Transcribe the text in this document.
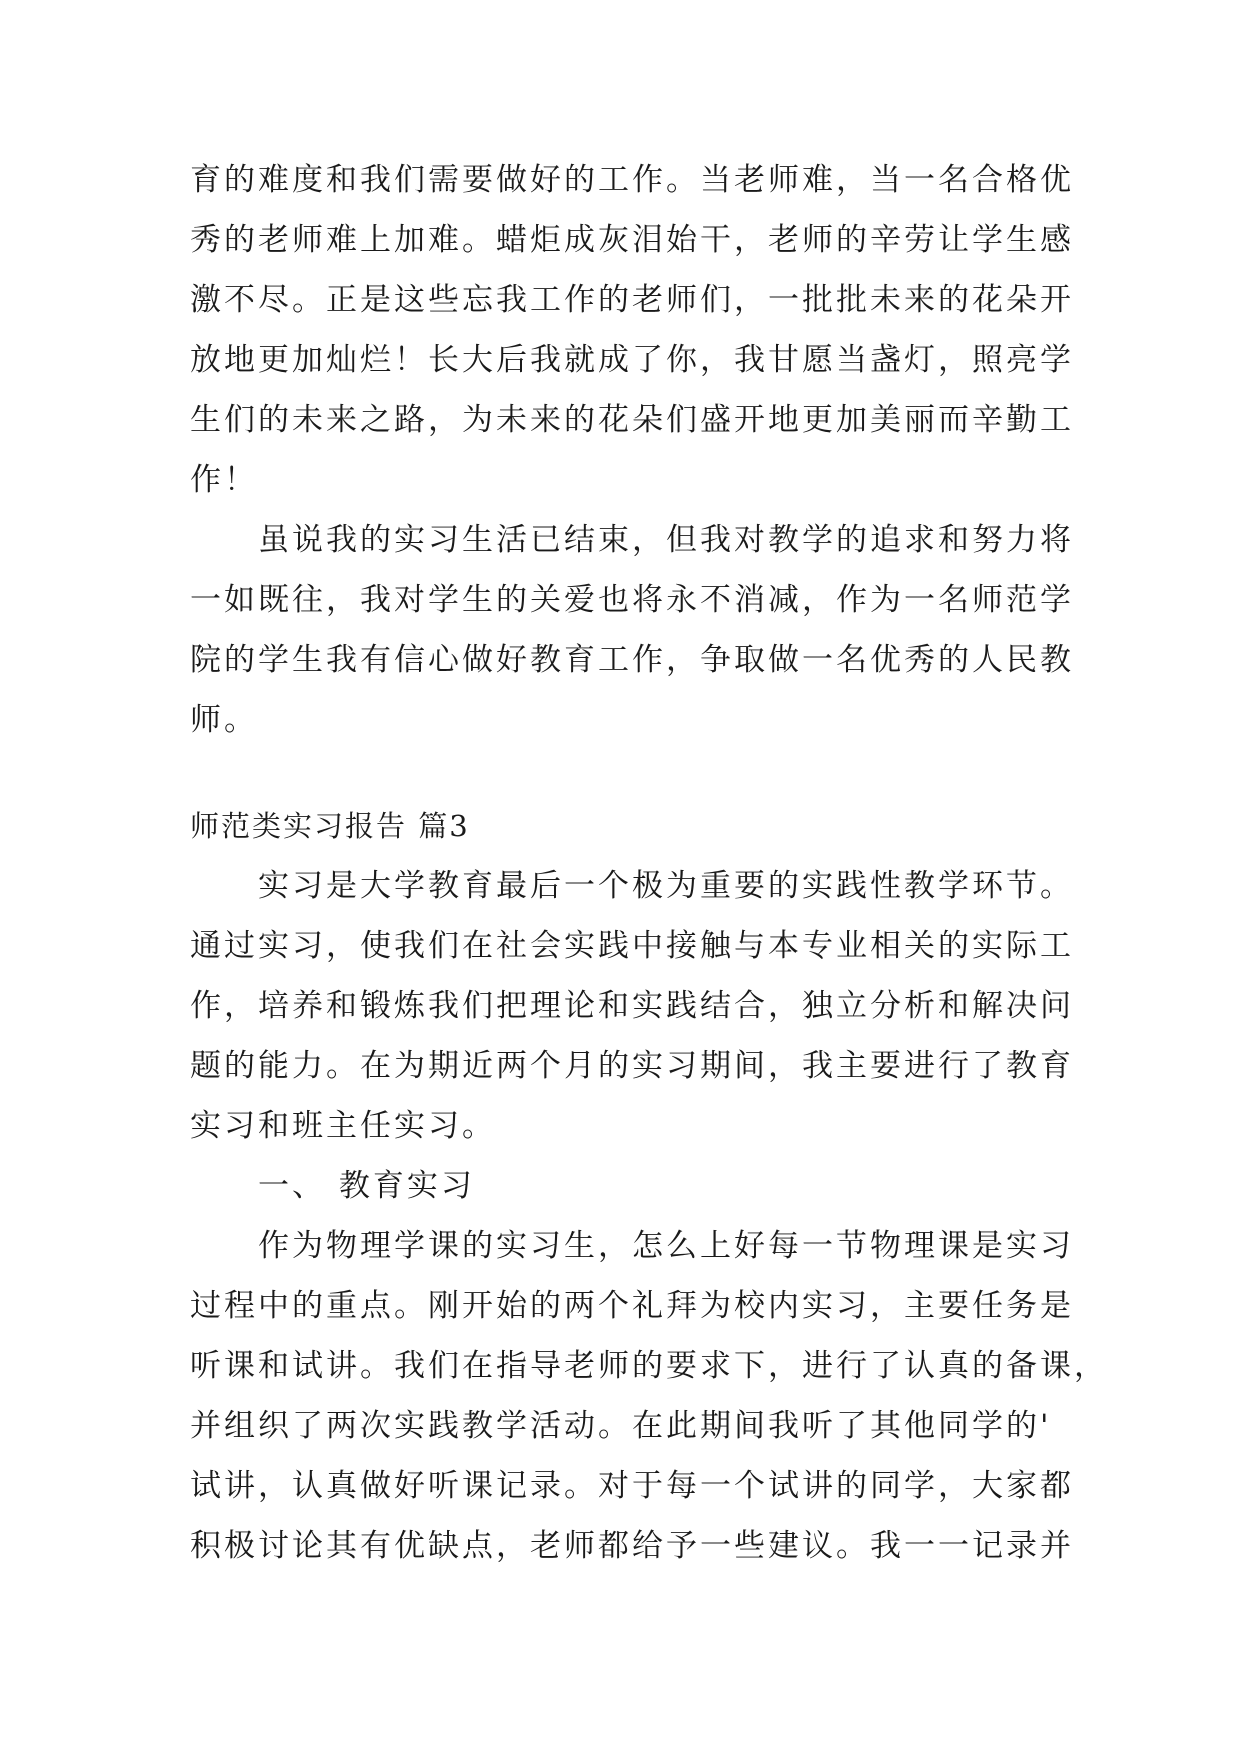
育的难度和我们需要做好的工作。当老师难，当一名合格优
秀的老师难上加难。蜡炬成灰泪始干，老师的辛劳让学生感
激不尽。正是这些忘我工作的老师们，一批批未来的花朵开
放地更加灿烂！长大后我就成了你，我甘愿当盏灯，照亮学
生们的未来之路，为未来的花朵们盛开地更加美丽而辛勤工
作！
虽说我的实习生活已结束，但我对教学的追求和努力将
一如既往，我对学生的关爱也将永不消减，作为一名师范学
院的学生我有信心做好教育工作，争取做一名优秀的人民教
师。
师范类实习报告 篇3
实习是大学教育最后一个极为重要的实践性教学环节。
通过实习，使我们在社会实践中接触与本专业相关的实际工
作，培养和锻炼我们把理论和实践结合，独立分析和解决问
题的能力。在为期近两个月的实习期间，我主要进行了教育
实习和班主任实习。
一、 教育实习
作为物理学课的实习生，怎么上好每一节物理课是实习
过程中的重点。刚开始的两个礼拜为校内实习，主要任务是
听课和试讲。我们在指导老师的要求下，进行了认真的备课，
并组织了两次实践教学活动。在此期间我听了其他同学的'
试讲，认真做好听课记录。对于每一个试讲的同学，大家都
积极讨论其有优缺点，老师都给予一些建议。我一一记录并
